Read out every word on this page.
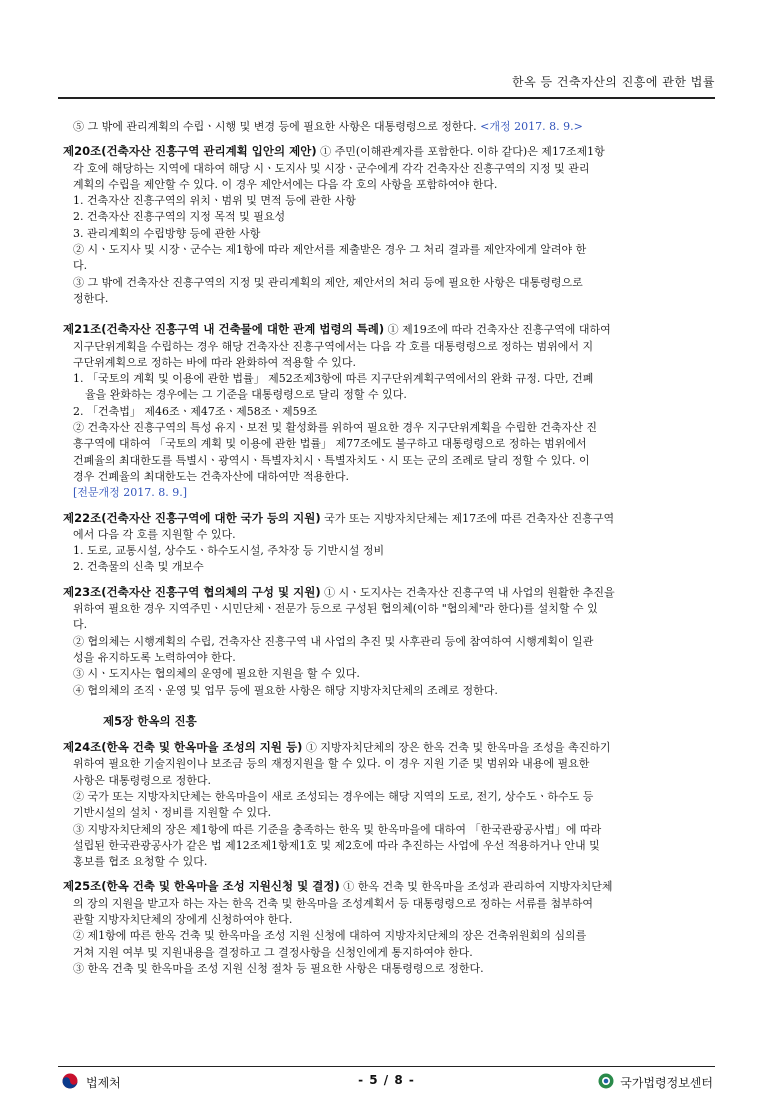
한옥 등 건축자산의 진흥에 관한 법률

⑤ 그 밖에 관리계획의 수립ㆍ시행 및 변경 등에 필요한 사항은 대통령령으로 정한다. <개정 2017. 8. 9.>

제20조(건축자산 진흥구역 관리계획 입안의 제안) ① 주민(이해관계자를 포함한다. 이하 같다)은 제17조제1항

각 호에 해당하는 지역에 대하여 해당 시ㆍ도지사 및 시장ㆍ군수에게 각각 건축자산 진흥구역의 지정 및 관리

계획의 수립을 제안할 수 있다. 이 경우 제안서에는 다음 각 호의 사항을 포함하여야 한다.

1. 건축자산 진흥구역의 위치ㆍ범위 및 면적 등에 관한 사항

2. 건축자산 진흥구역의 지정 목적 및 필요성

3. 관리계획의 수립방향 등에 관한 사항

② 시ㆍ도지사 및 시장ㆍ군수는 제1항에 따라 제안서를 제출받은 경우 그 처리 결과를 제안자에게 알려야 한

다.

③ 그 밖에 건축자산 진흥구역의 지정 및 관리계획의 제안, 제안서의 처리 등에 필요한 사항은 대통령령으로

정한다.

제21조(건축자산 진흥구역 내 건축물에 대한 관계 법령의 특례) ① 제19조에 따라 건축자산 진흥구역에 대하여

지구단위계획을 수립하는 경우 해당 건축자산 진흥구역에서는 다음 각 호를 대통령령으로 정하는 범위에서 지

구단위계획으로 정하는 바에 따라 완화하여 적용할 수 있다.

1. 「국토의 계획 및 이용에 관한 법률」 제52조제3항에 따른 지구단위계획구역에서의 완화 규정. 다만, 건폐

율을 완화하는 경우에는 그 기준을 대통령령으로 달리 정할 수 있다.

2. 「건축법」 제46조ㆍ제47조ㆍ제58조ㆍ제59조

② 건축자산 진흥구역의 특성 유지ㆍ보전 및 활성화를 위하여 필요한 경우 지구단위계획을 수립한 건축자산 진

흥구역에 대하여 「국토의 계획 및 이용에 관한 법률」 제77조에도 불구하고 대통령령으로 정하는 범위에서

건폐율의 최대한도를 특별시ㆍ광역시ㆍ특별자치시ㆍ특별자치도ㆍ시 또는 군의 조례로 달리 정할 수 있다. 이

경우 건폐율의 최대한도는 건축자산에 대하여만 적용한다.

[전문개정 2017. 8. 9.]

제22조(건축자산 진흥구역에 대한 국가 등의 지원) 국가 또는 지방자치단체는 제17조에 따른 건축자산 진흥구역

에서 다음 각 호를 지원할 수 있다.

1. 도로, 교통시설, 상수도ㆍ하수도시설, 주차장 등 기반시설 정비

2. 건축물의 신축 및 개보수

제23조(건축자산 진흥구역 협의체의 구성 및 지원) ① 시ㆍ도지사는 건축자산 진흥구역 내 사업의 원활한 추진을

위하여 필요한 경우 지역주민ㆍ시민단체ㆍ전문가 등으로 구성된 협의체(이하 "협의체"라 한다)를 설치할 수 있

다.

② 협의체는 시행계획의 수립, 건축자산 진흥구역 내 사업의 추진 및 사후관리 등에 참여하여 시행계획이 일관

성을 유지하도록 노력하여야 한다.

③ 시ㆍ도지사는 협의체의 운영에 필요한 지원을 할 수 있다.

④ 협의체의 조직ㆍ운영 및 업무 등에 필요한 사항은 해당 지방자치단체의 조례로 정한다.

제5장 한옥의 진흥

제24조(한옥 건축 및 한옥마을 조성의 지원 등) ① 지방자치단체의 장은 한옥 건축 및 한옥마을 조성을 촉진하기

위하여 필요한 기술지원이나 보조금 등의 재정지원을 할 수 있다. 이 경우 지원 기준 및 범위와 내용에 필요한

사항은 대통령령으로 정한다.

② 국가 또는 지방자치단체는 한옥마을이 새로 조성되는 경우에는 해당 지역의 도로, 전기, 상수도ㆍ하수도 등

기반시설의 설치ㆍ정비를 지원할 수 있다.

③ 지방자치단체의 장은 제1항에 따른 기준을 충족하는 한옥 및 한옥마을에 대하여 「한국관광공사법」에 따라

설립된 한국관광공사가 같은 법 제12조제1항제1호 및 제2호에 따라 추진하는 사업에 우선 적용하거나 안내 및

홍보를 협조 요청할 수 있다.

제25조(한옥 건축 및 한옥마을 조성 지원신청 및 결정) ① 한옥 건축 및 한옥마을 조성과 관리하여 지방자치단체

의 장의 지원을 받고자 하는 자는 한옥 건축 및 한옥마을 조성계획서 등 대통령령으로 정하는 서류를 첨부하여

관할 지방자치단체의 장에게 신청하여야 한다.

② 제1항에 따른 한옥 건축 및 한옥마을 조성 지원 신청에 대하여 지방자치단체의 장은 건축위원회의 심의를

거쳐 지원 여부 및 지원내용을 결정하고 그 결정사항을 신청인에게 통지하여야 한다.

③ 한옥 건축 및 한옥마을 조성 지원 신청 절차 등 필요한 사항은 대통령령으로 정한다.

법제처	- 5 / 8 -	국가법령정보센터
